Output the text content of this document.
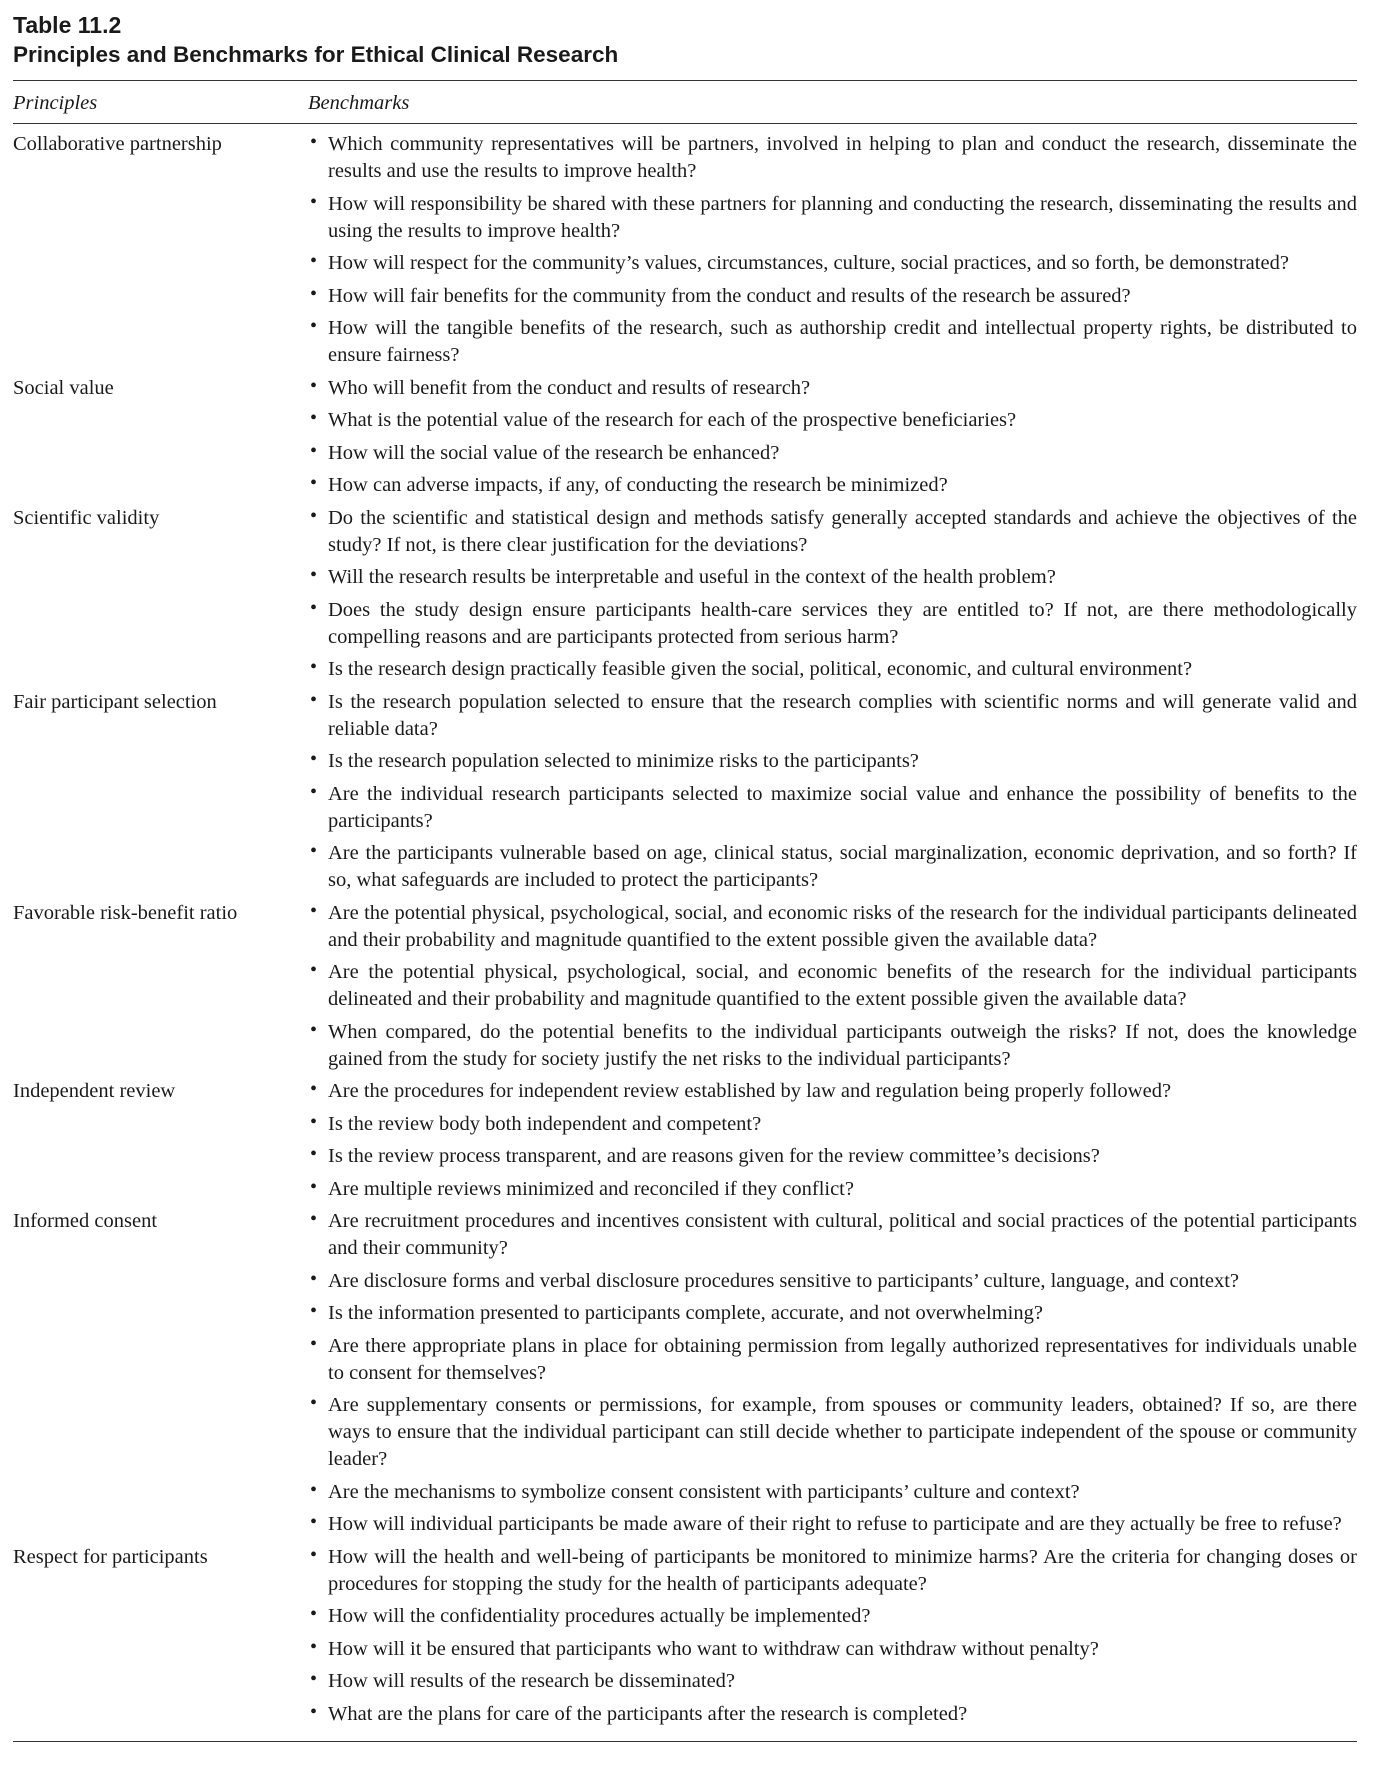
Table 11.2
Principles and Benchmarks for Ethical Clinical Research
Principles	Benchmarks
Collaborative partnership	• Which community representatives will be partners, involved in helping to plan and conduct the research, disseminate the results and use the results to improve health?
• How will responsibility be shared with these partners for planning and conducting the research, disseminating the results and using the results to improve health?
• How will respect for the community’s values, circumstances, culture, social practices, and so forth, be demonstrated?
• How will fair benefits for the community from the conduct and results of the research be assured?
• How will the tangible benefits of the research, such as authorship credit and intellectual property rights, be distributed to ensure fairness?
Social value	• Who will benefit from the conduct and results of research?
• What is the potential value of the research for each of the prospective beneficiaries?
• How will the social value of the research be enhanced?
• How can adverse impacts, if any, of conducting the research be minimized?
Scientific validity	• Do the scientific and statistical design and methods satisfy generally accepted standards and achieve the objectives of the study? If not, is there clear justification for the deviations?
• Will the research results be interpretable and useful in the context of the health problem?
• Does the study design ensure participants health-care services they are entitled to? If not, are there methodologically compelling reasons and are participants protected from serious harm?
• Is the research design practically feasible given the social, political, economic, and cultural environment?
Fair participant selection	• Is the research population selected to ensure that the research complies with scientific norms and will generate valid and reliable data?
• Is the research population selected to minimize risks to the participants?
• Are the individual research participants selected to maximize social value and enhance the possibility of benefits to the participants?
• Are the participants vulnerable based on age, clinical status, social marginalization, economic deprivation, and so forth? If so, what safeguards are included to protect the participants?
Favorable risk-benefit ratio	• Are the potential physical, psychological, social, and economic risks of the research for the individual participants delineated and their probability and magnitude quantified to the extent possible given the available data?
• Are the potential physical, psychological, social, and economic benefits of the research for the individual participants delineated and their probability and magnitude quantified to the extent possible given the available data?
• When compared, do the potential benefits to the individual participants outweigh the risks? If not, does the knowledge gained from the study for society justify the net risks to the individual participants?
Independent review	• Are the procedures for independent review established by law and regulation being properly followed?
• Is the review body both independent and competent?
• Is the review process transparent, and are reasons given for the review committee’s decisions?
• Are multiple reviews minimized and reconciled if they conflict?
Informed consent	• Are recruitment procedures and incentives consistent with cultural, political and social practices of the potential participants and their community?
• Are disclosure forms and verbal disclosure procedures sensitive to participants’ culture, language, and context?
• Is the information presented to participants complete, accurate, and not overwhelming?
• Are there appropriate plans in place for obtaining permission from legally authorized representatives for individuals unable to consent for themselves?
• Are supplementary consents or permissions, for example, from spouses or community leaders, obtained? If so, are there ways to ensure that the individual participant can still decide whether to participate independent of the spouse or community leader?
• Are the mechanisms to symbolize consent consistent with participants’ culture and context?
• How will individual participants be made aware of their right to refuse to participate and are they actually be free to refuse?
Respect for participants	• How will the health and well-being of participants be monitored to minimize harms? Are the criteria for changing doses or procedures for stopping the study for the health of participants adequate?
• How will the confidentiality procedures actually be implemented?
• How will it be ensured that participants who want to withdraw can withdraw without penalty?
• How will results of the research be disseminated?
• What are the plans for care of the participants after the research is completed?
